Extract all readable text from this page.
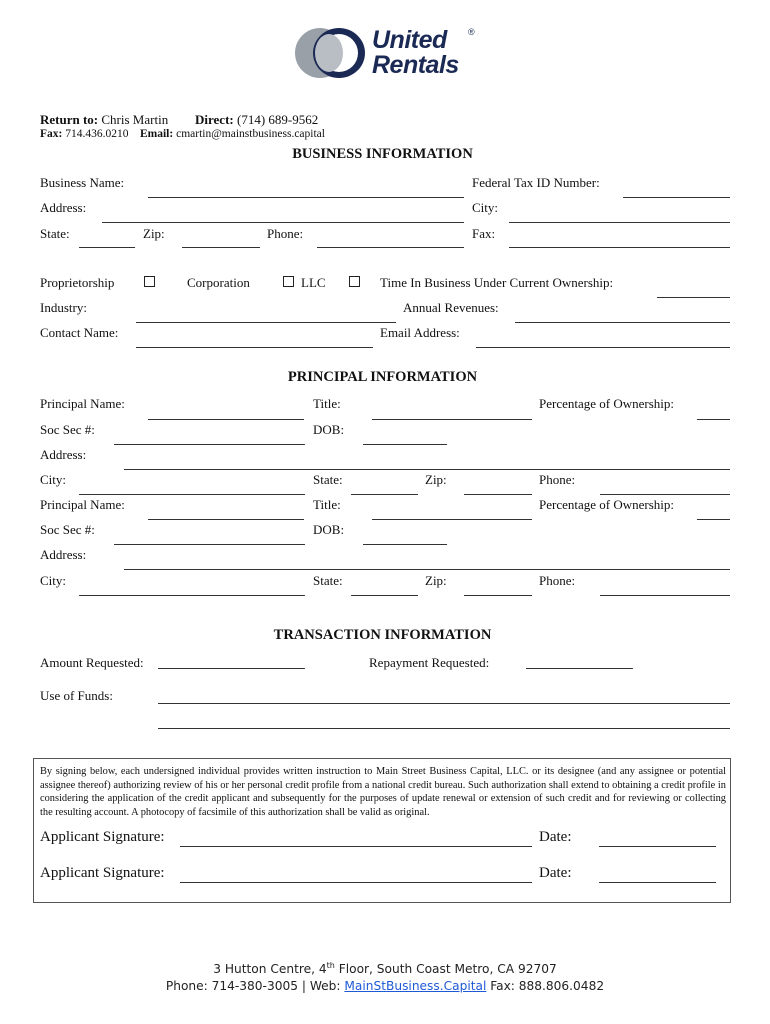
United ®
Rentals
Return to: Chris Martin Direct: (714) 689-9562
Fax: 714.436.0210 Email: cmartin@mainstbusiness.capital
BUSINESS INFORMATION
Business Name:	Federal Tax ID Number:
Address:	City:
State:	Zip:	Phone:	Fax:
Proprietorship	Corporation	LLC	Time In Business Under Current Ownership:
Industry:	Annual Revenues:
Contact Name:	Email Address:
PRINCIPAL INFORMATION
Principal Name:	Title:	Percentage of Ownership:
Soc Sec #:	DOB:
Address:
City:	State:	Zip:	Phone:
Principal Name:	Title:	Percentage of Ownership:
Soc Sec #:	DOB:
Address:
City:	State:	Zip:	Phone:
TRANSACTION INFORMATION
Amount Requested:	Repayment Requested:
Use of Funds:
By signing below, each undersigned individual provides written instruction to Main Street Business Capital, LLC. or its designee (and any assignee or potential assignee thereof) authorizing review of his or her personal credit profile from a national credit bureau. Such authorization shall extend to obtaining a credit profile in considering the application of the credit applicant and subsequently for the purposes of update renewal or extension of such credit and for reviewing or collecting the resulting account. A photocopy of facsimile of this authorization shall be valid as original.
Applicant Signature:	Date:
Applicant Signature:	Date:
3 Hutton Centre, 4th Floor, South Coast Metro, CA 92707
Phone: 714-380-3005 | Web: MainStBusiness.Capital Fax: 888.806.0482
